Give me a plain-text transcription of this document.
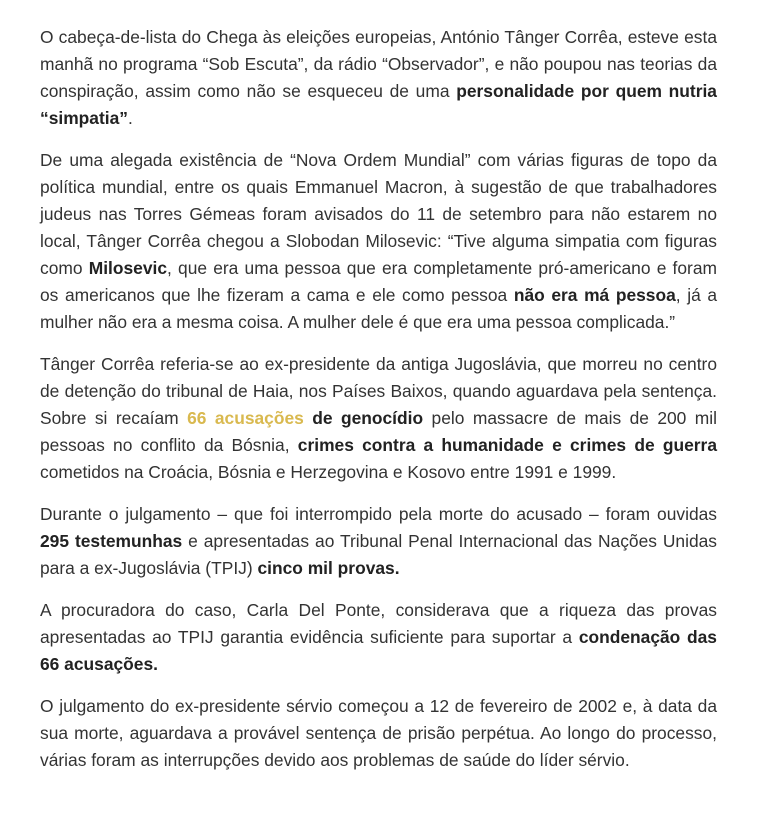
O cabeça-de-lista do Chega às eleições europeias, António Tânger Corrêa, esteve esta manhã no programa “Sob Escuta”, da rádio “Observador”, e não poupou nas teorias da conspiração, assim como não se esqueceu de uma personalidade por quem nutria “simpatia”.

De uma alegada existência de “Nova Ordem Mundial” com várias figuras de topo da política mundial, entre os quais Emmanuel Macron, à sugestão de que trabalhadores judeus nas Torres Gémeas foram avisados do 11 de setembro para não estarem no local, Tânger Corrêa chegou a Slobodan Milosevic: “Tive alguma simpatia com figuras como Milosevic, que era uma pessoa que era completamente pró-americano e foram os americanos que lhe fizeram a cama e ele como pessoa não era má pessoa, já a mulher não era a mesma coisa. A mulher dele é que era uma pessoa complicada.”

Tânger Corrêa referia-se ao ex-presidente da antiga Jugoslávia, que morreu no centro de detenção do tribunal de Haia, nos Países Baixos, quando aguardava pela sentença. Sobre si recaíam 66 acusações de genocídio pelo massacre de mais de 200 mil pessoas no conflito da Bósnia, crimes contra a humanidade e crimes de guerra cometidos na Croácia, Bósnia e Herzegovina e Kosovo entre 1991 e 1999.

Durante o julgamento – que foi interrompido pela morte do acusado – foram ouvidas 295 testemunhas e apresentadas ao Tribunal Penal Internacional das Nações Unidas para a ex-Jugoslávia (TPIJ) cinco mil provas.

A procuradora do caso, Carla Del Ponte, considerava que a riqueza das provas apresentadas ao TPIJ garantia evidência suficiente para suportar a condenação das 66 acusações.

O julgamento do ex-presidente sérvio começou a 12 de fevereiro de 2002 e, à data da sua morte, aguardava a provável sentença de prisão perpétua. Ao longo do processo, várias foram as interrupções devido aos problemas de saúde do líder sérvio.
